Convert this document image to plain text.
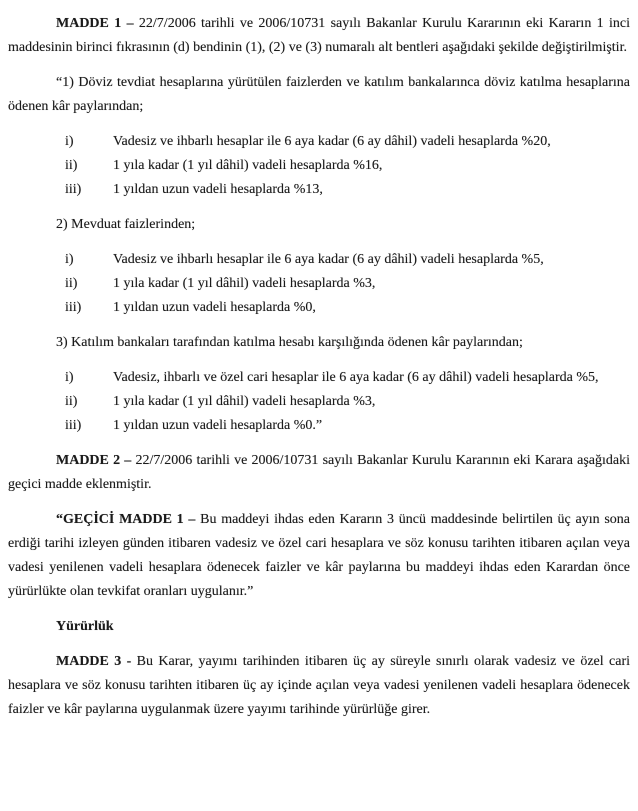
MADDE 1 – 22/7/2006 tarihli ve 2006/10731 sayılı Bakanlar Kurulu Kararının eki Kararın 1 inci maddesinin birinci fıkrasının (d) bendinin (1), (2) ve (3) numaralı alt bentleri aşağıdaki şekilde değiştirilmiştir.

“1) Döviz tevdiat hesaplarına yürütülen faizlerden ve katılım bankalarınca döviz katılma hesaplarına ödenen kâr paylarından;

i)	Vadesiz ve ihbarlı hesaplar ile 6 aya kadar (6 ay dâhil) vadeli hesaplarda %20,
ii)	1 yıla kadar (1 yıl dâhil) vadeli hesaplarda %16,
iii)	1 yıldan uzun vadeli hesaplarda %13,

2) Mevduat faizlerinden;

i)	Vadesiz ve ihbarlı hesaplar ile 6 aya kadar (6 ay dâhil) vadeli hesaplarda %5,
ii)	1 yıla kadar (1 yıl dâhil) vadeli hesaplarda %3,
iii)	1 yıldan uzun vadeli hesaplarda %0,

3) Katılım bankaları tarafından katılma hesabı karşılığında ödenen kâr paylarından;

i)	Vadesiz, ihbarlı ve özel cari hesaplar ile 6 aya kadar (6 ay dâhil) vadeli hesaplarda %5,
ii)	1 yıla kadar (1 yıl dâhil) vadeli hesaplarda %3,
iii)	1 yıldan uzun vadeli hesaplarda %0.”

MADDE 2 – 22/7/2006 tarihli ve 2006/10731 sayılı Bakanlar Kurulu Kararının eki Karara aşağıdaki geçici madde eklenmiştir.

“GEÇİCİ MADDE 1 – Bu maddeyi ihdas eden Kararın 3 üncü maddesinde belirtilen üç ayın sona erdiği tarihi izleyen günden itibaren vadesiz ve özel cari hesaplara ve söz konusu tarihten itibaren açılan veya vadesi yenilenen vadeli hesaplara ödenecek faizler ve kâr paylarına bu maddeyi ihdas eden Karardan önce yürürlükte olan tevkifat oranları uygulanır.”

Yürürlük

MADDE 3 - Bu Karar, yayımı tarihinden itibaren üç ay süreyle sınırlı olarak vadesiz ve özel cari hesaplara ve söz konusu tarihten itibaren üç ay içinde açılan veya vadesi yenilenen vadeli hesaplara ödenecek faizler ve kâr paylarına uygulanmak üzere yayımı tarihinde yürürlüğe girer.
